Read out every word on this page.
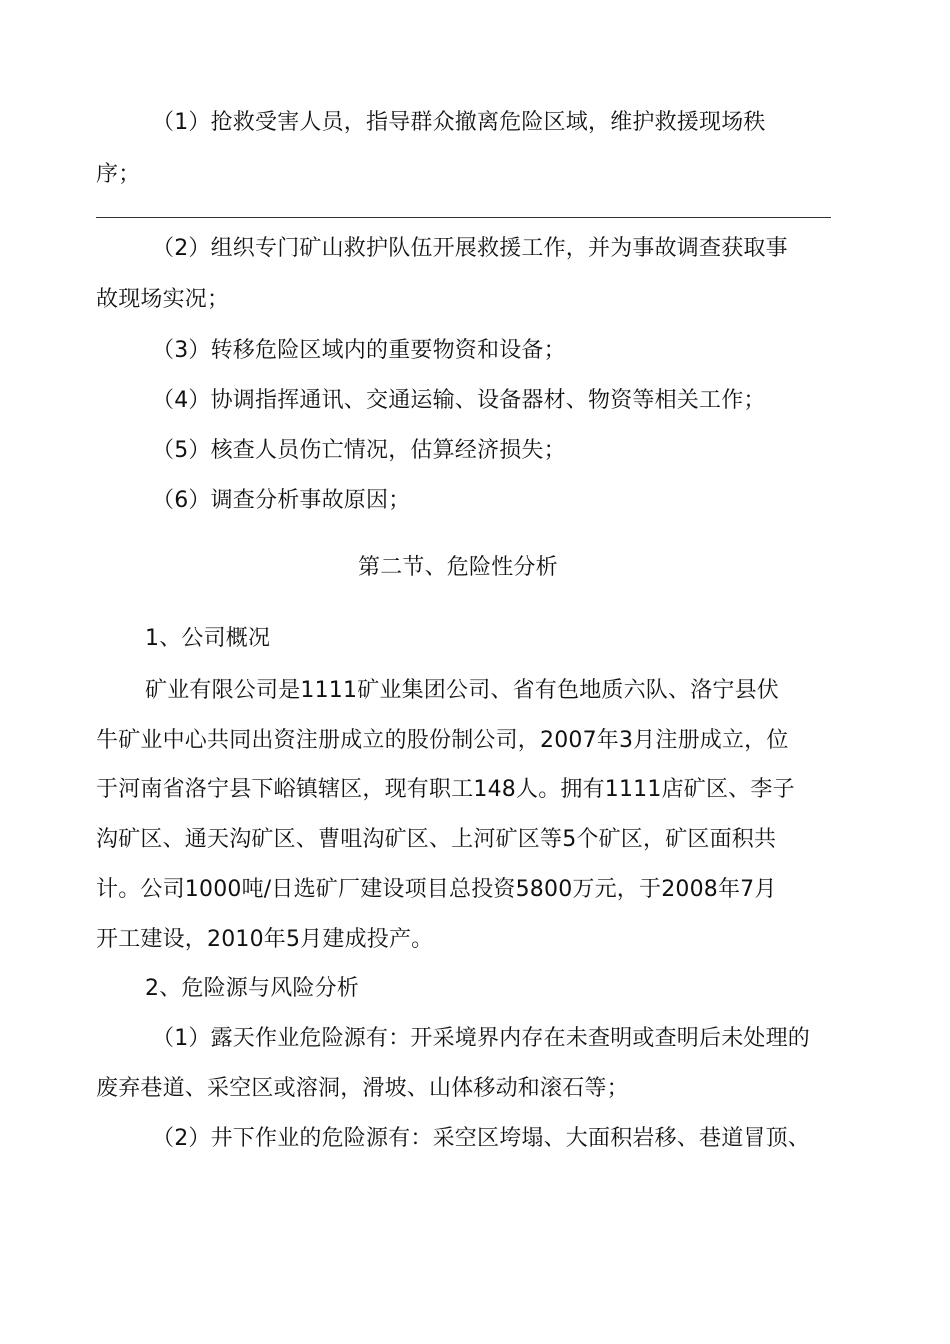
（1）抢救受害人员，指导群众撤离危险区域，维护救援现场秩
序；
（2）组织专门矿山救护队伍开展救援工作，并为事故调查获取事
故现场实况；
（3）转移危险区域内的重要物资和设备；
（4）协调指挥通讯、交通运输、设备器材、物资等相关工作；
（5）核查人员伤亡情况，估算经济损失；
（6）调查分析事故原因；
第二节、危险性分析
1、公司概况
矿业有限公司是1111矿业集团公司、省有色地质六队、洛宁县伏
牛矿业中心共同出资注册成立的股份制公司，2007年3月注册成立，位
于河南省洛宁县下峪镇辖区，现有职工148人。拥有1111店矿区、李子
沟矿区、通天沟矿区、曹咀沟矿区、上河矿区等5个矿区，矿区面积共
计。公司1000吨/日选矿厂建设项目总投资5800万元，于2008年7月
开工建设，2010年5月建成投产。
2、危险源与风险分析
（1）露天作业危险源有：开采境界内存在未查明或查明后未处理的
废弃巷道、采空区或溶洞，滑坡、山体移动和滚石等；
（2）井下作业的危险源有：采空区垮塌、大面积岩移、巷道冒顶、
